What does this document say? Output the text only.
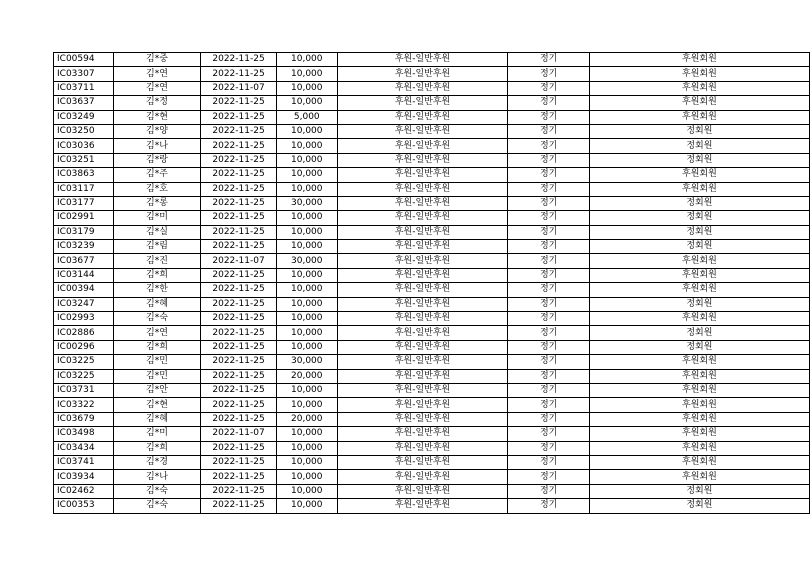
IC00594	김*중	2022-11-25	10,000	후원-일반후원	정기	후원회원
IC03307	김*연	2022-11-25	10,000	후원-일반후원	정기	후원회원
IC03711	김*연	2022-11-07	10,000	후원-일반후원	정기	후원회원
IC03637	김*정	2022-11-25	10,000	후원-일반후원	정기	후원회원
IC03249	김*현	2022-11-25	5,000	후원-일반후원	정기	후원회원
IC03250	김*양	2022-11-25	10,000	후원-일반후원	정기	정회원
IC03036	김*나	2022-11-25	10,000	후원-일반후원	정기	정회원
IC03251	김*랑	2022-11-25	10,000	후원-일반후원	정기	정회원
IC03863	김*주	2022-11-25	10,000	후원-일반후원	정기	후원회원
IC03117	김*호	2022-11-25	10,000	후원-일반후원	정기	후원회원
IC03177	김*롱	2022-11-25	30,000	후원-일반후원	정기	정회원
IC02991	김*미	2022-11-25	10,000	후원-일반후원	정기	정회원
IC03179	김*실	2022-11-25	10,000	후원-일반후원	정기	정회원
IC03239	김*림	2022-11-25	10,000	후원-일반후원	정기	정회원
IC03677	김*진	2022-11-07	30,000	후원-일반후원	정기	후원회원
IC03144	김*희	2022-11-25	10,000	후원-일반후원	정기	후원회원
IC00394	김*한	2022-11-25	10,000	후원-일반후원	정기	후원회원
IC03247	김*혜	2022-11-25	10,000	후원-일반후원	정기	정회원
IC02993	김*숙	2022-11-25	10,000	후원-일반후원	정기	후원회원
IC02886	김*연	2022-11-25	10,000	후원-일반후원	정기	정회원
IC00296	김*희	2022-11-25	10,000	후원-일반후원	정기	정회원
IC03225	김*민	2022-11-25	30,000	후원-일반후원	정기	후원회원
IC03225	김*민	2022-11-25	20,000	후원-일반후원	정기	후원회원
IC03731	김*안	2022-11-25	10,000	후원-일반후원	정기	후원회원
IC03322	김*현	2022-11-25	10,000	후원-일반후원	정기	후원회원
IC03679	김*혜	2022-11-25	20,000	후원-일반후원	정기	후원회원
IC03498	김*미	2022-11-07	10,000	후원-일반후원	정기	후원회원
IC03434	김*희	2022-11-25	10,000	후원-일반후원	정기	후원회원
IC03741	김*경	2022-11-25	10,000	후원-일반후원	정기	후원회원
IC03934	김*나	2022-11-25	10,000	후원-일반후원	정기	후원회원
IC02462	김*숙	2022-11-25	10,000	후원-일반후원	정기	정회원
IC00353	김*숙	2022-11-25	10,000	후원-일반후원	정기	정회원
